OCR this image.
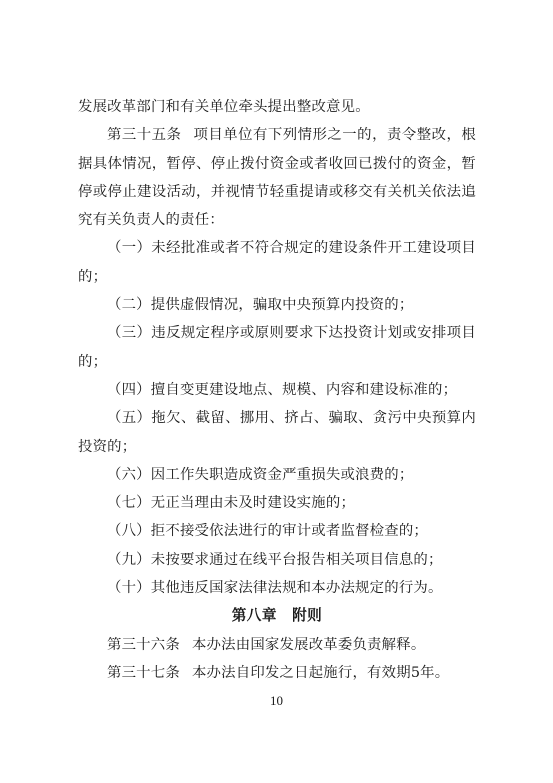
发展改革部门和有关单位牵头提出整改意见。

第三十五条 项目单位有下列情形之一的，责令整改，根据具体情况，暂停、停止拨付资金或者收回已拨付的资金，暂停或停止建设活动，并视情节轻重提请或移交有关机关依法追究有关负责人的责任：

（一）未经批准或者不符合规定的建设条件开工建设项目的；

（二）提供虚假情况，骗取中央预算内投资的；

（三）违反规定程序或原则要求下达投资计划或安排项目的；

（四）擅自变更建设地点、规模、内容和建设标准的；

（五）拖欠、截留、挪用、挤占、骗取、贪污中央预算内投资的；

（六）因工作失职造成资金严重损失或浪费的；

（七）无正当理由未及时建设实施的；

（八）拒不接受依法进行的审计或者监督检查的；

（九）未按要求通过在线平台报告相关项目信息的；

（十）其他违反国家法律法规和本办法规定的行为。

第八章　附则

第三十六条 本办法由国家发展改革委负责解释。

第三十七条 本办法自印发之日起施行，有效期5年。

10
